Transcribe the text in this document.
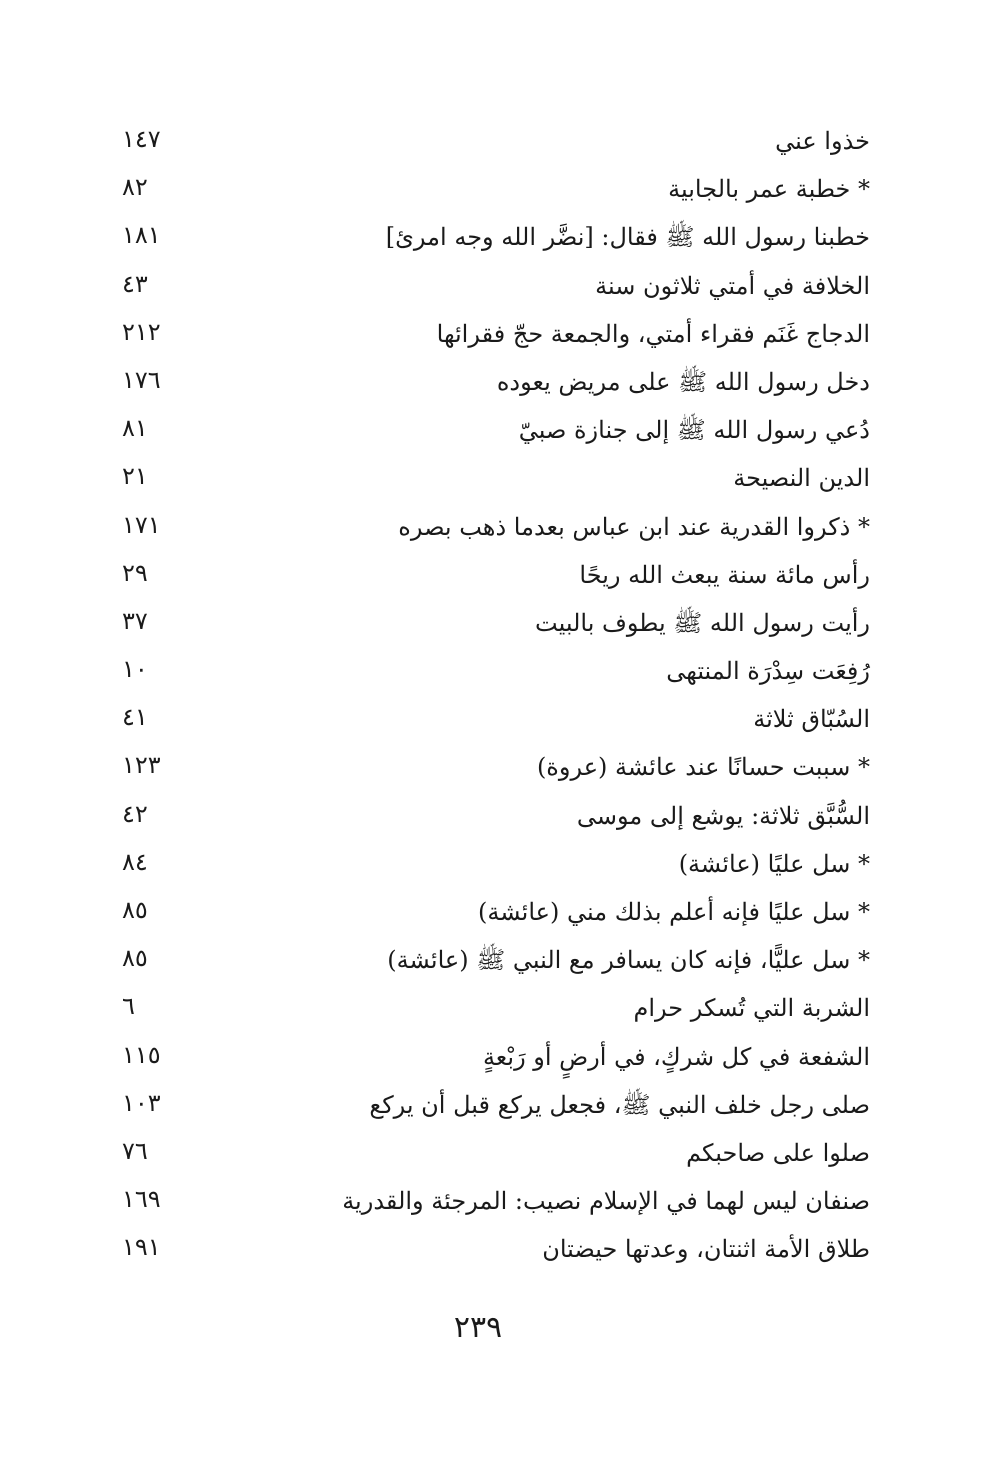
خذوا عني
١٤٧
* خطبة عمر بالجابية
٨٢
خطبنا رسول الله ﷺ فقال: [نضَّر الله وجه امرئ]
١٨١
الخلافة في أمتي ثلاثون سنة
٤٣
الدجاج غَنَم فقراء أمتي، والجمعة حجّ فقرائها
٢١٢
دخل رسول الله ﷺ على مريض يعوده
١٧٦
دُعي رسول الله ﷺ إلى جنازة صبيّ
٨١
الدين النصيحة
٢١
* ذكروا القدرية عند ابن عباس بعدما ذهب بصره
١٧١
رأس مائة سنة يبعث الله ريحًا
٢٩
رأيت رسول الله ﷺ يطوف بالبيت
٣٧
رُفِعَت سِدْرَة المنتهى
١٠
السُبّاق ثلاثة
٤١
* سببت حسانًا عند عائشة (عروة)
١٢٣
السُّبَّق ثلاثة: يوشع إلى موسى
٤٢
* سل عليًا (عائشة)
٨٤
* سل عليًا فإنه أعلم بذلك مني (عائشة)
٨٥
* سل عليًّا، فإنه كان يسافر مع النبي ﷺ (عائشة)
٨٥
الشربة التي تُسكر حرام
٦
الشفعة في كل شركٍ، في أرضٍ أو رَبْعةٍ
١١٥
صلى رجل خلف النبي ﷺ، فجعل يركع قبل أن يركع
١٠٣
صلوا على صاحبكم
٧٦
صنفان ليس لهما في الإسلام نصيب: المرجئة والقدرية
١٦٩
طلاق الأمة اثنتان، وعدتها حيضتان
١٩١
٢٣٩
